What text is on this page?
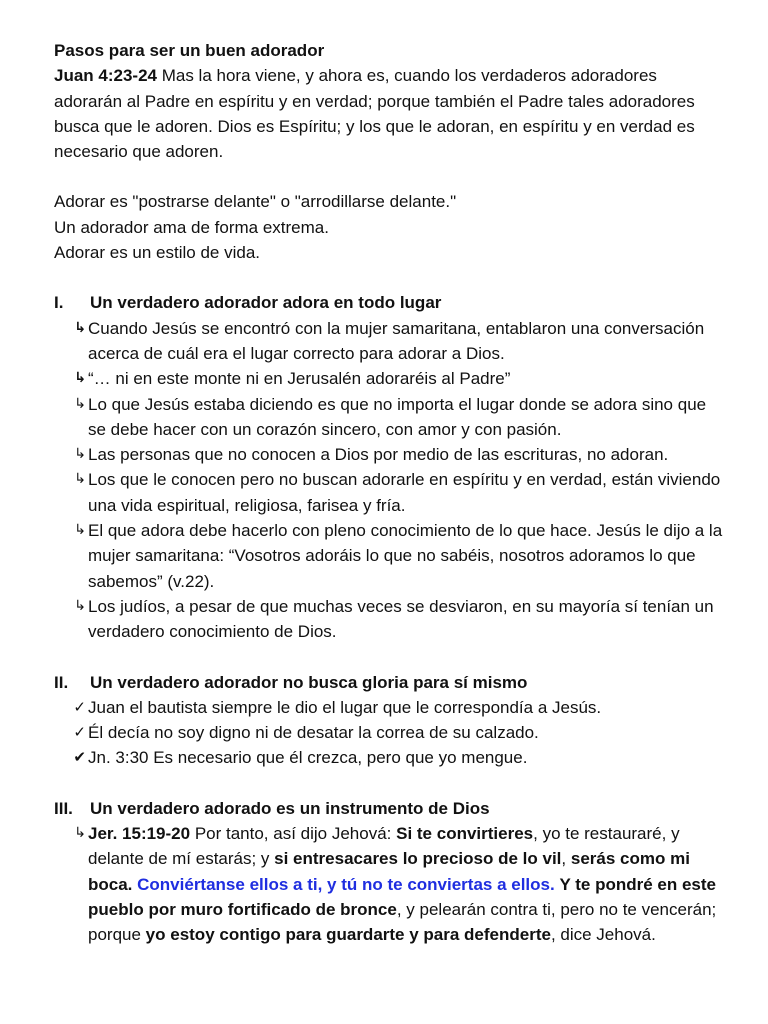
Pasos para ser un buen adorador
Juan 4:23-24 Mas la hora viene, y ahora es, cuando los verdaderos adoradores adorarán al Padre en espíritu y en verdad; porque también el Padre tales adoradores busca que le adoren. Dios es Espíritu; y los que le adoran, en espíritu y en verdad es necesario que adoren.
Adorar es "postrarse delante" o "arrodillarse delante."
Un adorador ama de forma extrema.
Adorar es un estilo de vida.
I.	Un verdadero adorador adora en todo lugar
↳ Cuando Jesús se encontró con la mujer samaritana, entablaron una conversación acerca de cuál era el lugar correcto para adorar a Dios.
↳ “… ni en este monte ni en Jerusalén adoraréis al Padre”
↳ Lo que Jesús estaba diciendo es que no importa el lugar donde se adora sino que se debe hacer con un corazón sincero, con amor y con pasión.
↳ Las personas que no conocen a Dios por medio de las escrituras, no adoran.
↳ Los que le conocen pero no buscan adorarle en espíritu y en verdad, están viviendo una vida espiritual, religiosa, farisea y fría.
↳ El que adora debe hacerlo con pleno conocimiento de lo que hace. Jesús le dijo a la mujer samaritana: “Vosotros adoráis lo que no sabéis, nosotros adoramos lo que sabemos” (v.22).
↳ Los judíos, a pesar de que muchas veces se desviaron, en su mayoría sí tenían un verdadero conocimiento de Dios.
II.	Un verdadero adorador no busca gloria para sí mismo
✓ Juan el bautista siempre le dio el lugar que le correspondía a Jesús.
✓ Él decía no soy digno ni de desatar la correa de su calzado.
✔ Jn. 3:30 Es necesario que él crezca, pero que yo mengue.
III.	Un verdadero adorado es un instrumento de Dios
↳ Jer. 15:19-20 Por tanto, así dijo Jehová: Si te convirtieres, yo te restauraré, y delante de mí estarás; y si entresacares lo precioso de lo vil, serás como mi boca. Conviértanse ellos a ti, y tú no te conviertas a ellos. Y te pondré en este pueblo por muro fortificado de bronce, y pelearán contra ti, pero no te vencerán; porque yo estoy contigo para guardarte y para defenderte, dice Jehová.
